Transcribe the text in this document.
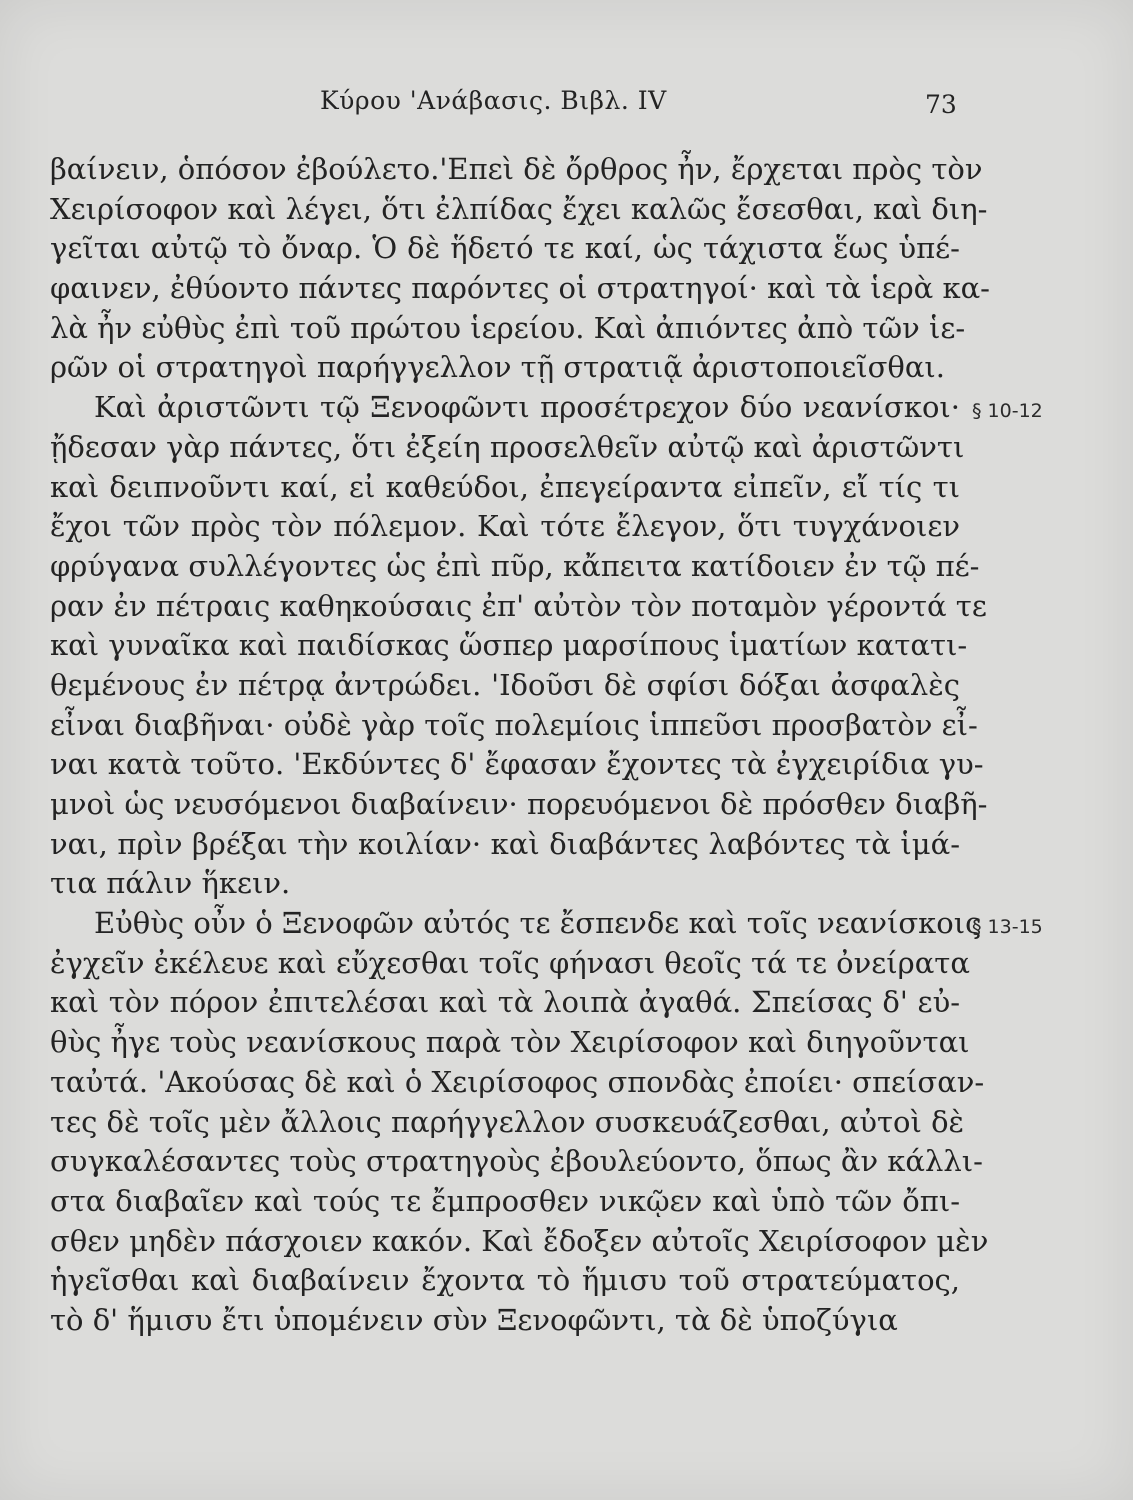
Κύρου 'Ανάβασις. Βιβλ. IV	73
βαίνειν, ὁπόσον ἐβούλετο.'Επεὶ δὲ ὄρθρος ἦν, ἔρχεται πρὸς τὸν
Χειρίσοφον καὶ λέγει, ὅτι ἐλπίδας ἔχει καλῶς ἔσεσθαι, καὶ διη-
γεῖται αὐτῷ τὸ ὄναρ. Ὁ δὲ ἥδετό τε καί, ὡς τάχιστα ἕως ὑπέ-
φαινεν, ἐθύοντο πάντες παρόντες οἱ στρατηγοί· καὶ τὰ ἱερὰ κα-
λὰ ἦν εὐθὺς ἐπὶ τοῦ πρώτου ἱερείου. Καὶ ἀπιόντες ἀπὸ τῶν ἱε-
ρῶν οἱ στρατηγοὶ παρήγγελλον τῇ στρατιᾷ ἀριστοποιεῖσθαι.
Καὶ ἀριστῶντι τῷ Ξενοφῶντι προσέτρεχον δύο νεανίσκοι·
ᾔδεσαν γὰρ πάντες, ὅτι ἐξείη προσελθεῖν αὐτῷ καὶ ἀριστῶντι
καὶ δειπνοῦντι καί, εἰ καθεύδοι, ἐπεγείραντα εἰπεῖν, εἴ τίς τι
ἔχοι τῶν πρὸς τὸν πόλεμον. Καὶ τότε ἔλεγον, ὅτι τυγχάνοιεν
φρύγανα συλλέγοντες ὡς ἐπὶ πῦρ, κἄπειτα κατίδοιεν ἐν τῷ πέ-
ραν ἐν πέτραις καθηκούσαις ἐπ' αὐτὸν τὸν ποταμὸν γέροντά τε
καὶ γυναῖκα καὶ παιδίσκας ὥσπερ μαρσίπους ἱματίων κατατι-
θεμένους ἐν πέτρᾳ ἀντρώδει. 'Ιδοῦσι δὲ σφίσι δόξαι ἀσφαλὲς
εἶναι διαβῆναι· οὐδὲ γὰρ τοῖς πολεμίοις ἱππεῦσι προσβατὸν εἶ-
ναι κατὰ τοῦτο. 'Εκδύντες δ' ἔφασαν ἔχοντες τὰ ἐγχειρίδια γυ-
μνοὶ ὡς νευσόμενοι διαβαίνειν· πορευόμενοι δὲ πρόσθεν διαβῆ-
ναι, πρὶν βρέξαι τὴν κοιλίαν· καὶ διαβάντες λαβόντες τὰ ἱμά-
τια πάλιν ἥκειν.
Εὐθὺς οὖν ὁ Ξενοφῶν αὐτός τε ἔσπενδε καὶ τοῖς νεανίσκοις
ἐγχεῖν ἐκέλευε καὶ εὔχεσθαι τοῖς φήνασι θεοῖς τά τε ὀνείρατα
καὶ τὸν πόρον ἐπιτελέσαι καὶ τὰ λοιπὰ ἀγαθά. Σπείσας δ' εὐ-
θὺς ἦγε τοὺς νεανίσκους παρὰ τὸν Χειρίσοφον καὶ διηγοῦνται
ταὐτά. 'Ακούσας δὲ καὶ ὁ Χειρίσοφος σπονδὰς ἐποίει· σπείσαν-
τες δὲ τοῖς μὲν ἄλλοις παρήγγελλον συσκευάζεσθαι, αὐτοὶ δὲ
συγκαλέσαντες τοὺς στρατηγοὺς ἐβουλεύοντο, ὅπως ἂν κάλλι-
στα διαβαῖεν καὶ τούς τε ἔμπροσθεν νικῷεν καὶ ὑπὸ τῶν ὄπι-
σθεν μηδὲν πάσχοιεν κακόν. Καὶ ἔδοξεν αὐτοῖς Χειρίσοφον μὲν
ἡγεῖσθαι καὶ διαβαίνειν ἔχοντα τὸ ἥμισυ τοῦ στρατεύματος,
τὸ δ' ἥμισυ ἔτι ὑπομένειν σὺν Ξενοφῶντι, τὰ δὲ ὑποζύγια
§ 10-12
§ 13-15
